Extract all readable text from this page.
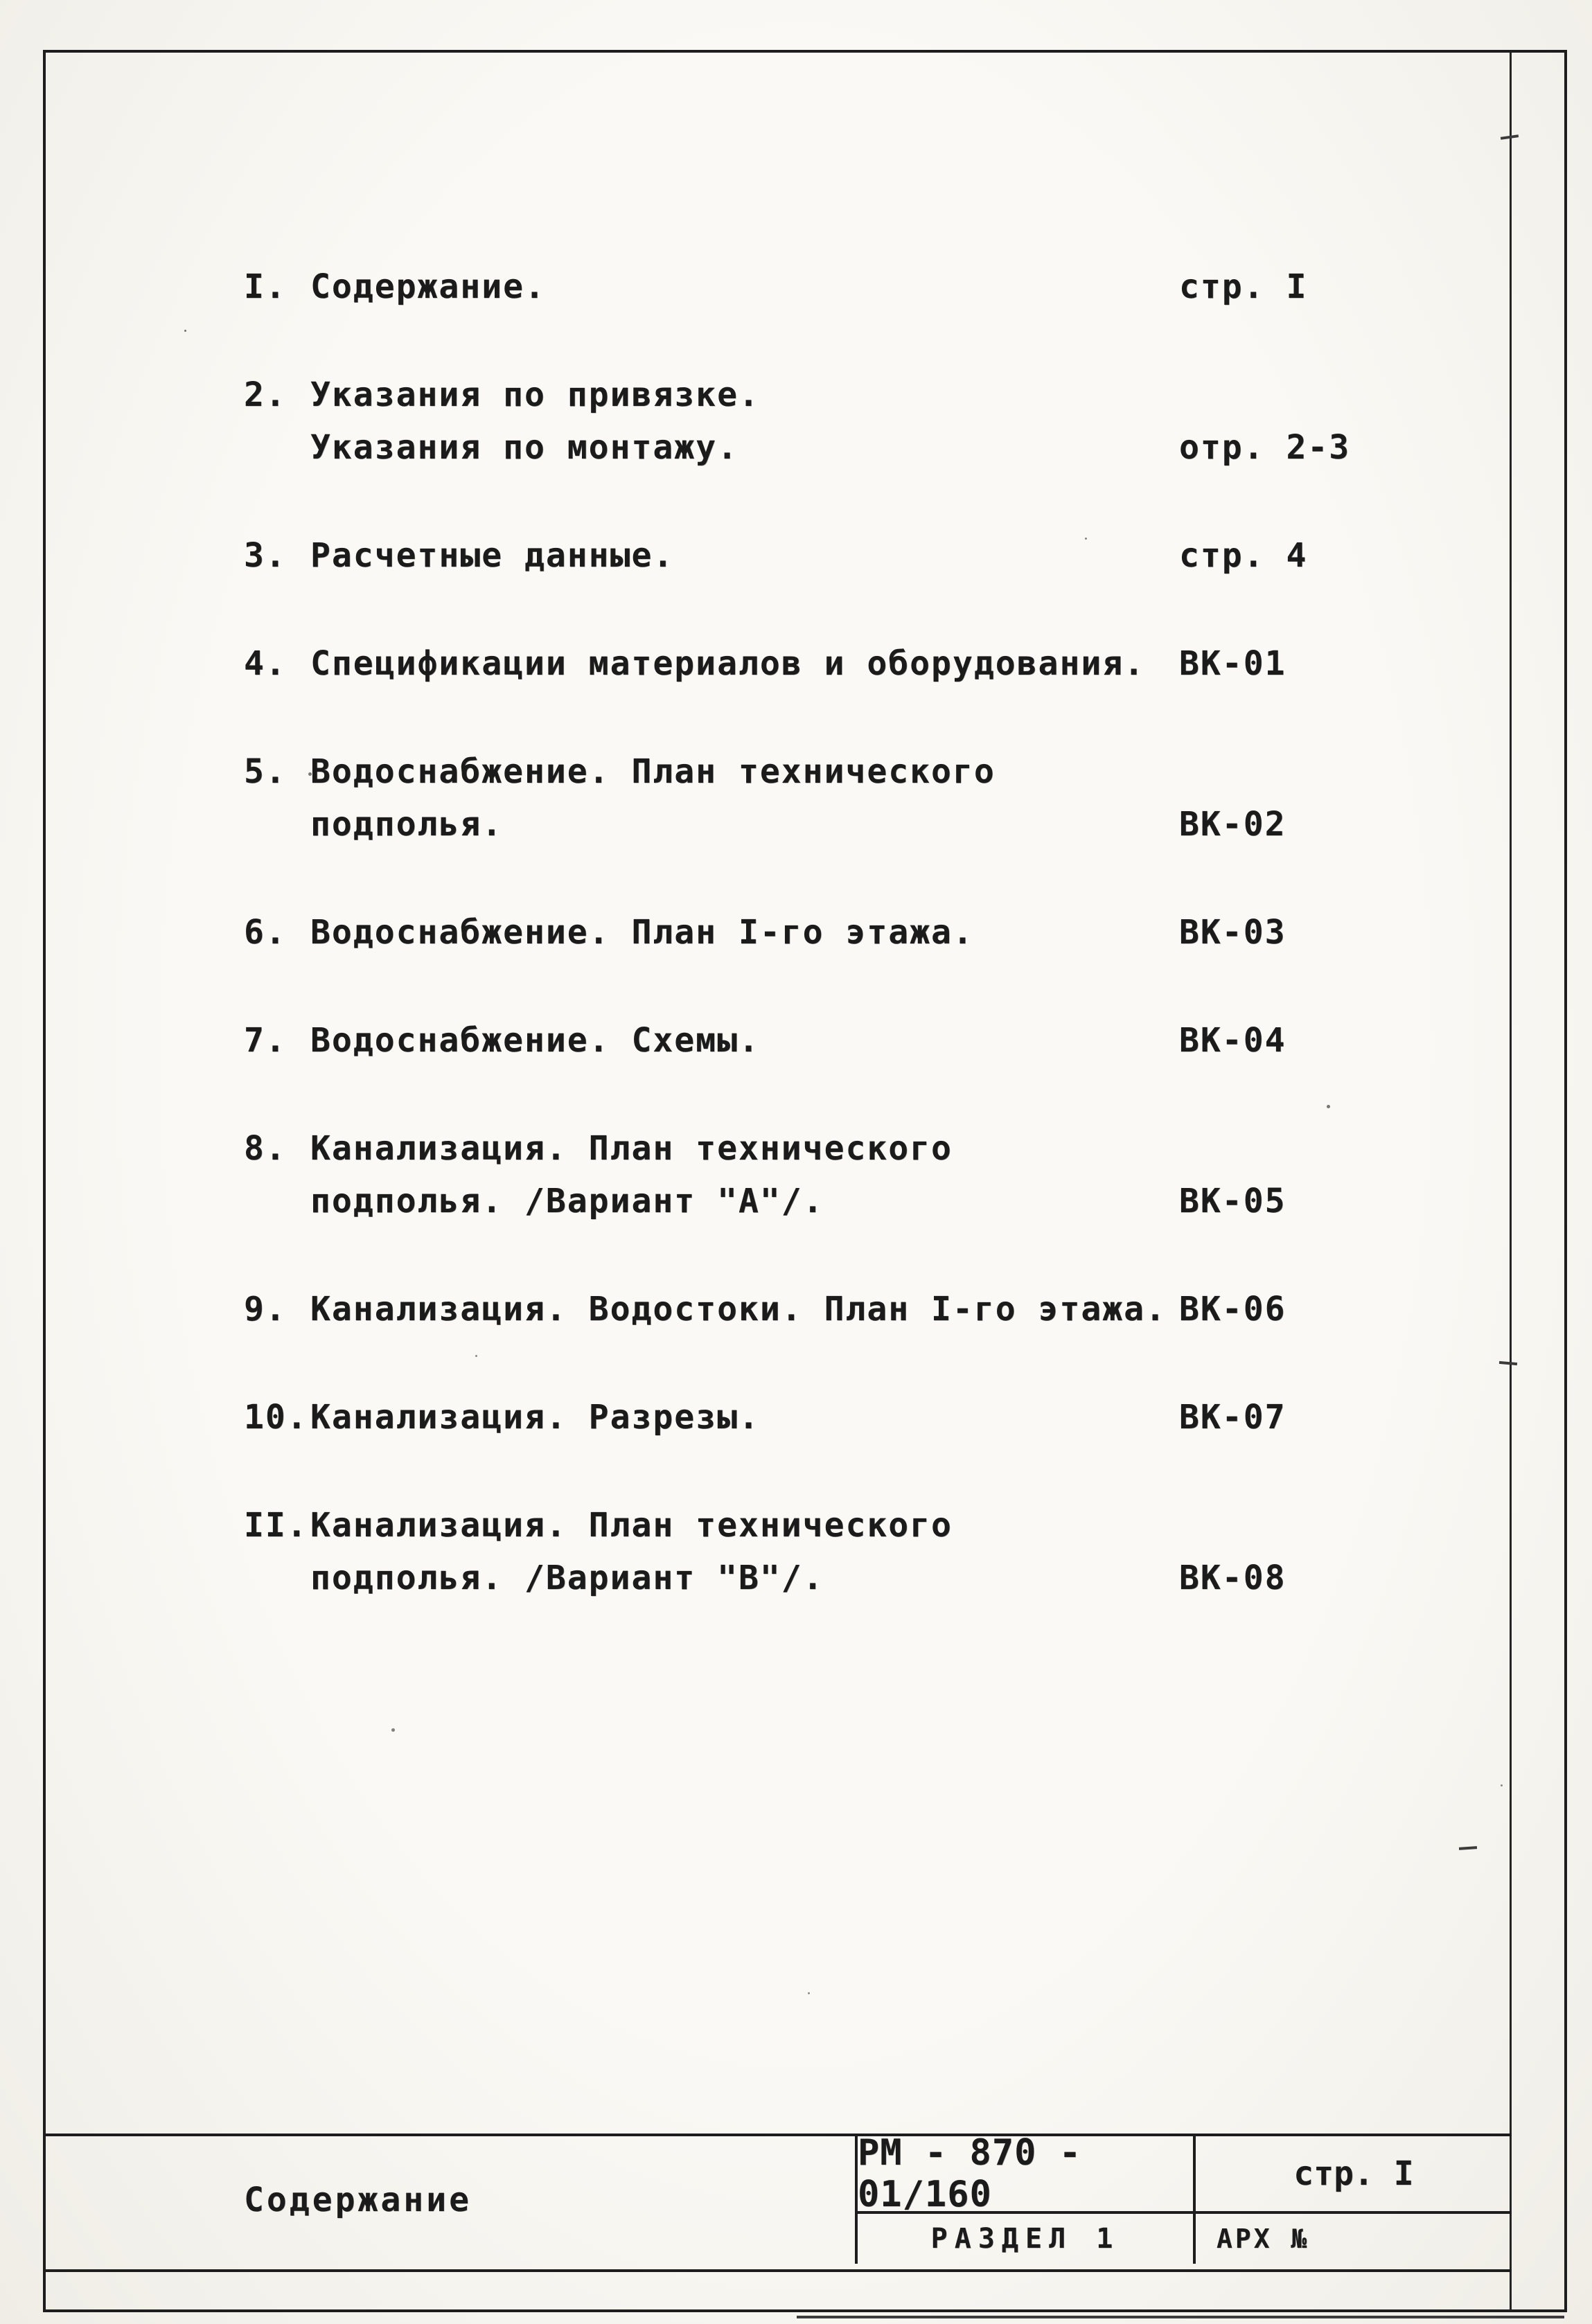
I. Содержание.	стр. I
2. Указания по привязке.
Указания по монтажу.	отр. 2-3
3. Расчетные данные.	стр. 4
4. Спецификации материалов и оборудования.	ВК-01
5. Водоснабжение. План технического
подполья.	ВК-02
6. Водоснабжение. План I-го этажа.	ВК-03
7. Водоснабжение. Схемы.	ВК-04
8. Канализация. План технического
подполья. /Вариант "А"/.	ВК-05
9. Канализация. Водостоки. План I-го этажа. ВК-06
10. Канализация. Разрезы.	ВК-07
II. Канализация. План технического
подполья. /Вариант "В"/.	ВК-08
Содержание
РМ - 870 - 01/160	стр. I
РАЗДЕЛ 1	АРХ №
